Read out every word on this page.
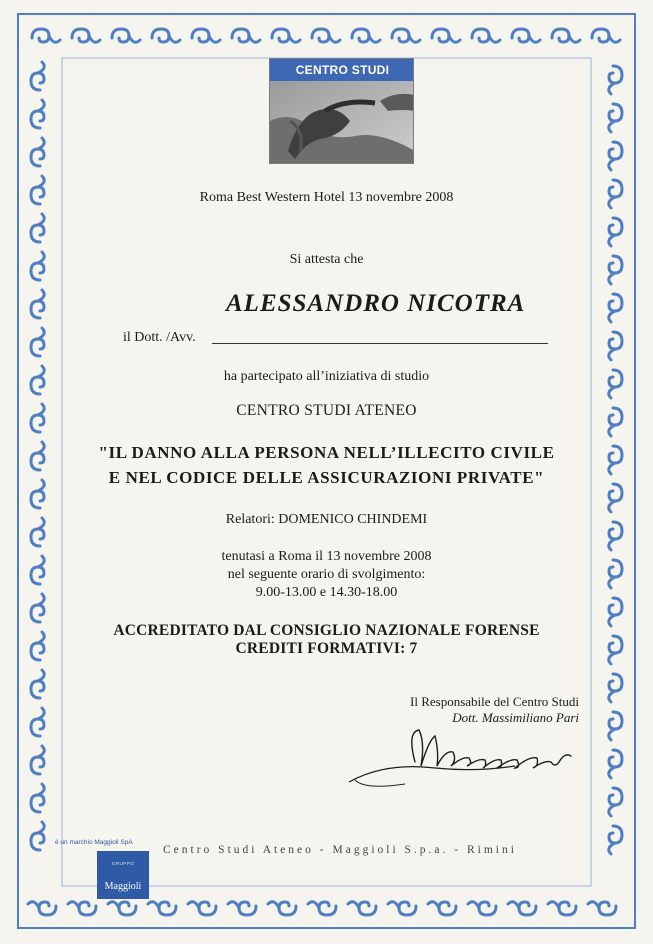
CENTRO STUDI
Roma Best Western Hotel 13 novembre 2008
Si attesta che
ALESSANDRO NICOTRA
il Dott. /Avv.
ha partecipato all’iniziativa di studio
CENTRO STUDI ATENEO
"IL DANNO ALLA PERSONA NELL’ILLECITO CIVILE
E NEL CODICE DELLE ASSICURAZIONI PRIVATE"
Relatori: DOMENICO CHINDEMI
tenutasi a Roma il 13 novembre 2008
nel seguente orario di svolgimento:
9.00-13.00 e 14.30-18.00
ACCREDITATO DAL CONSIGLIO NAZIONALE FORENSE
CREDITI FORMATIVI: 7
Il Responsabile del Centro Studi
Dott. Massimiliano Pari
è un marchio Maggioli SpA
GRUPPO
Maggioli
Centro Studi Ateneo - Maggioli S.p.a. - Rimini
